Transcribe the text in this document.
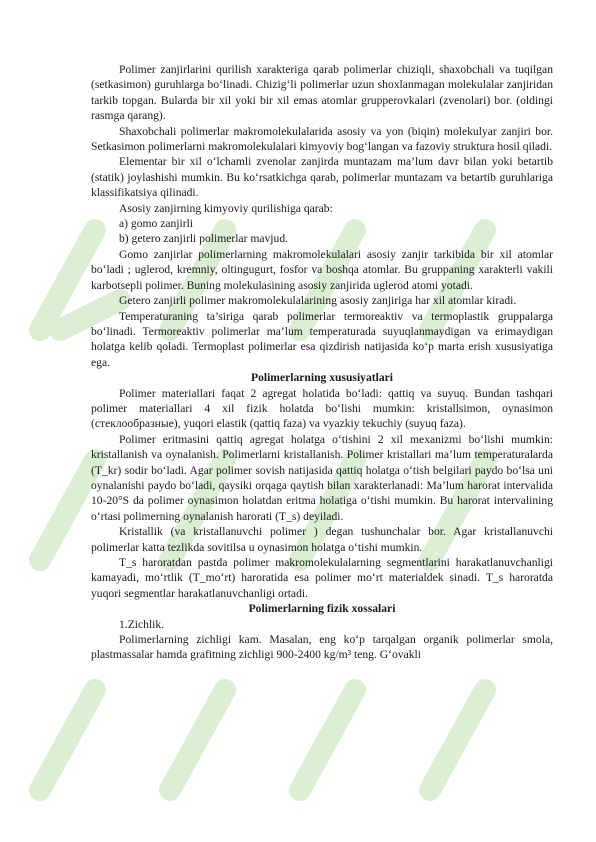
Polimer zanjirlarini qurilish xarakteriga qarab polimerlar chiziqli, shaxobchali va tuqilgan (setkasimon) guruhlarga bo‘linadi. Chizig‘li polimerlar uzun shoxlanmagan molekulalar zanjiridan tarkib topgan. Bularda bir xil yoki bir xil emas atomlar grupperovkalari (zvenolari) bor. (oldingi rasmga qarang).

Shaxobchali polimerlar makromolekulalarida asosiy va yon (biqin) molekulyar zanjiri bor. Setkasimon polimerlarni makromolekulalari kimyoviy bog‘langan va fazoviy struktura hosil qiladi.

Elementar bir xil o‘lchamli zvenolar zanjirda muntazam ma’lum davr bilan yoki betartib (statik) joylashishi mumkin. Bu ko‘rsatkichga qarab, polimerlar muntazam va betartib guruhlariga klassifikatsiya qilinadi.

Asosiy zanjirning kimyoviy qurilishiga qarab:

a) gomo zanjirli

b) getero zanjirli polimerlar mavjud.

Gomo zanjirlar polimerlarning makromolekulalari asosiy zanjir tarkibida bir xil atomlar bo‘ladi ; uglerod, kremniy, oltingugurt, fosfor va boshqa atomlar. Bu gruppaning xarakterli vakili karbotsepli polimer. Buning molekulasining asosiy zanjirida uglerod atomi yotadi.

Getero zanjirli polimer makromolekulalarining asosiy zanjiriga har xil atomlar kiradi.

Temperaturaning ta’siriga qarab polimerlar termoreaktiv va termoplastik gruppalarga bo‘linadi. Termoreaktiv polimerlar ma’lum temperaturada suyuqlanmaydigan va erimaydigan holatga kelib qoladi. Termoplast polimerlar esa qizdirish natijasida ko‘p marta erish xususiyatiga ega.

Polimerlarning xususiyatlari

Polimer materiallari faqat 2 agregat holatida bo‘ladi: qattiq va suyuq. Bundan tashqari polimer materiallari 4 xil fizik holatda bo‘lishi mumkin: kristallsimon, oynasimon (стеклообразные), yuqori elastik (qattiq faza) va vyazkiy tekuchiy (suyuq faza).

Polimer eritmasini qattiq agregat holatga o‘tishini 2 xil mexanizmi bo‘lishi mumkin: kristallanish va oynalanish. Polimerlarni kristallanish. Polimer kristallari ma’lum temperaturalarda (T_kr) sodir bo‘ladi. Agar polimer sovish natijasida qattiq holatga o‘tish belgilari paydo bo‘lsa uni oynalanishi paydo bo‘ladi, qaysiki orqaga qaytish bilan xarakterlanadi: Ma’lum harorat intervalida 10-20°S da polimer oynasimon holatdan eritma holatiga o‘tishi mumkin. Bu harorat intervalining o‘rtasi polimerning oynalanish harorati (T_s) deyiladi.

Kristallik (va kristallanuvchi polimer ) degan tushunchalar bor. Agar kristallanuvchi polimerlar katta tezlikda sovitilsa u oynasimon holatga o‘tishi mumkin.

T_s haroratdan pastda polimer makromolekulalarning segmentlarini harakatlanuvchanligi kamayadi, mo‘rtlik (T_mo‘rt) haroratida esa polimer mo‘rt materialdek sinadi. T_s haroratda yuqori segmentlar harakatlanuvchanligi ortadi.

Polimerlarning fizik xossalari

1.Zichlik.

Polimerlarning zichligi kam. Masalan, eng ko‘p tarqalgan organik polimerlar smola, plastmassalar hamda grafitning zichligi 900-2400 kg/m³ teng. G‘ovakli
